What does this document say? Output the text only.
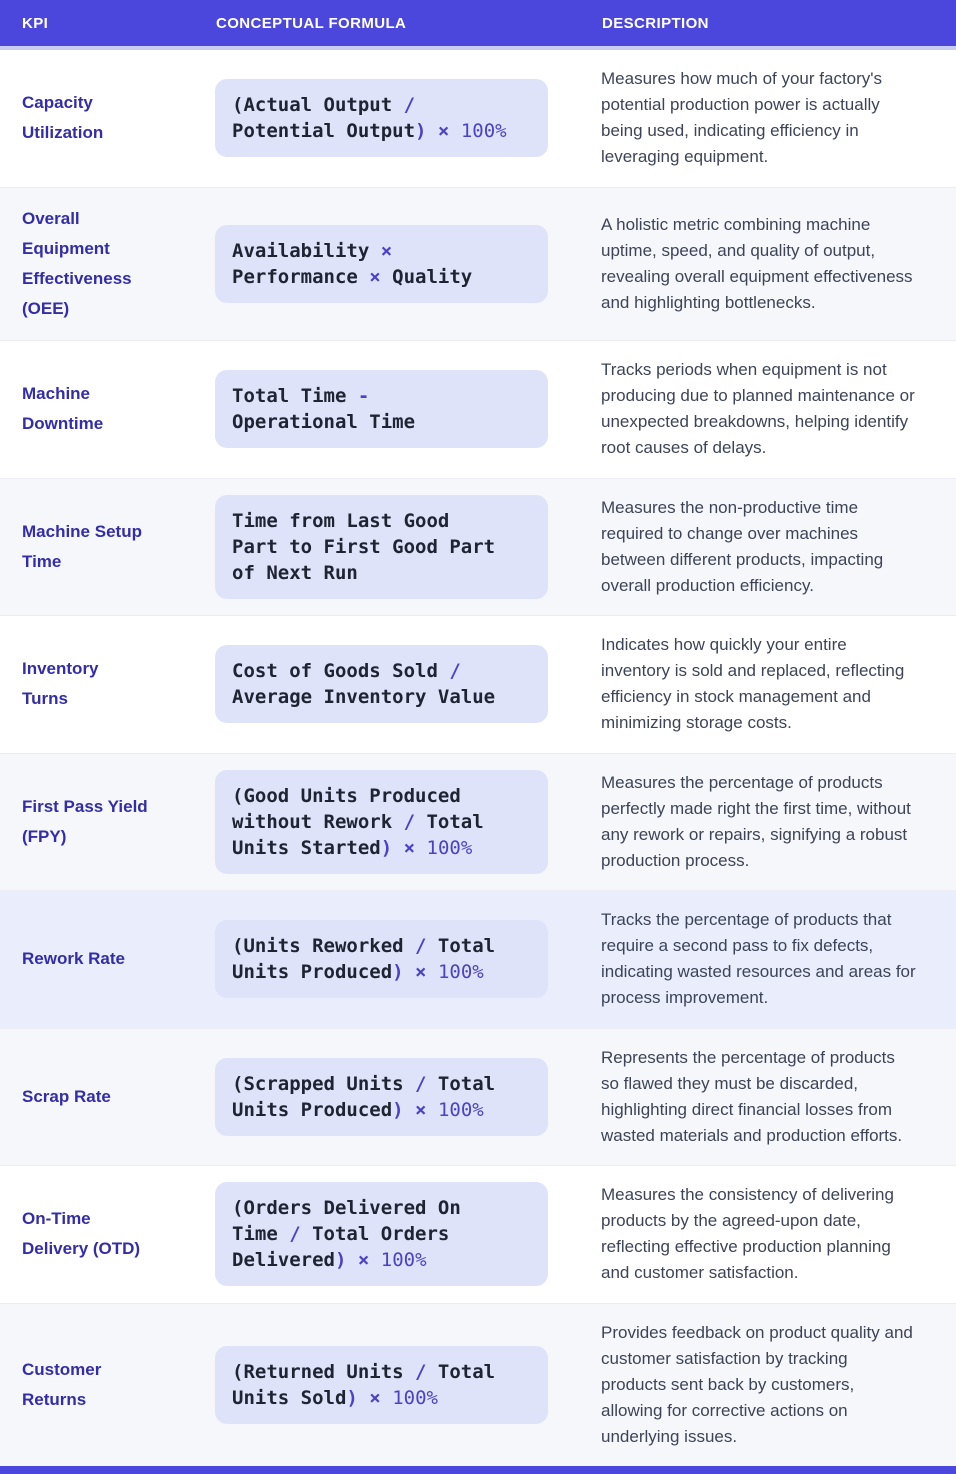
KPI	CONCEPTUAL FORMULA	DESCRIPTION
Capacity
Utilization
(Actual Output /
Potential Output) × 100%
Measures how much of your factory's potential production power is actually being used, indicating efficiency in leveraging equipment.
Overall
Equipment
Effectiveness
(OEE)
Availability ×
Performance × Quality
A holistic metric combining machine uptime, speed, and quality of output, revealing overall equipment effectiveness and highlighting bottlenecks.
Machine
Downtime
Total Time -
Operational Time
Tracks periods when equipment is not producing due to planned maintenance or unexpected breakdowns, helping identify root causes of delays.
Machine Setup
Time
Time from Last Good
Part to First Good Part
of Next Run
Measures the non-productive time required to change over machines between different products, impacting overall production efficiency.
Inventory
Turns
Cost of Goods Sold /
Average Inventory Value
Indicates how quickly your entire inventory is sold and replaced, reflecting efficiency in stock management and minimizing storage costs.
First Pass Yield
(FPY)
(Good Units Produced
without Rework / Total
Units Started) × 100%
Measures the percentage of products perfectly made right the first time, without any rework or repairs, signifying a robust production process.
Rework Rate
(Units Reworked / Total
Units Produced) × 100%
Tracks the percentage of products that require a second pass to fix defects, indicating wasted resources and areas for process improvement.
Scrap Rate
(Scrapped Units / Total
Units Produced) × 100%
Represents the percentage of products so flawed they must be discarded, highlighting direct financial losses from wasted materials and production efforts.
On-Time
Delivery (OTD)
(Orders Delivered On
Time / Total Orders
Delivered) × 100%
Measures the consistency of delivering products by the agreed-upon date, reflecting effective production planning and customer satisfaction.
Customer
Returns
(Returned Units / Total
Units Sold) × 100%
Provides feedback on product quality and customer satisfaction by tracking products sent back by customers, allowing for corrective actions on underlying issues.
